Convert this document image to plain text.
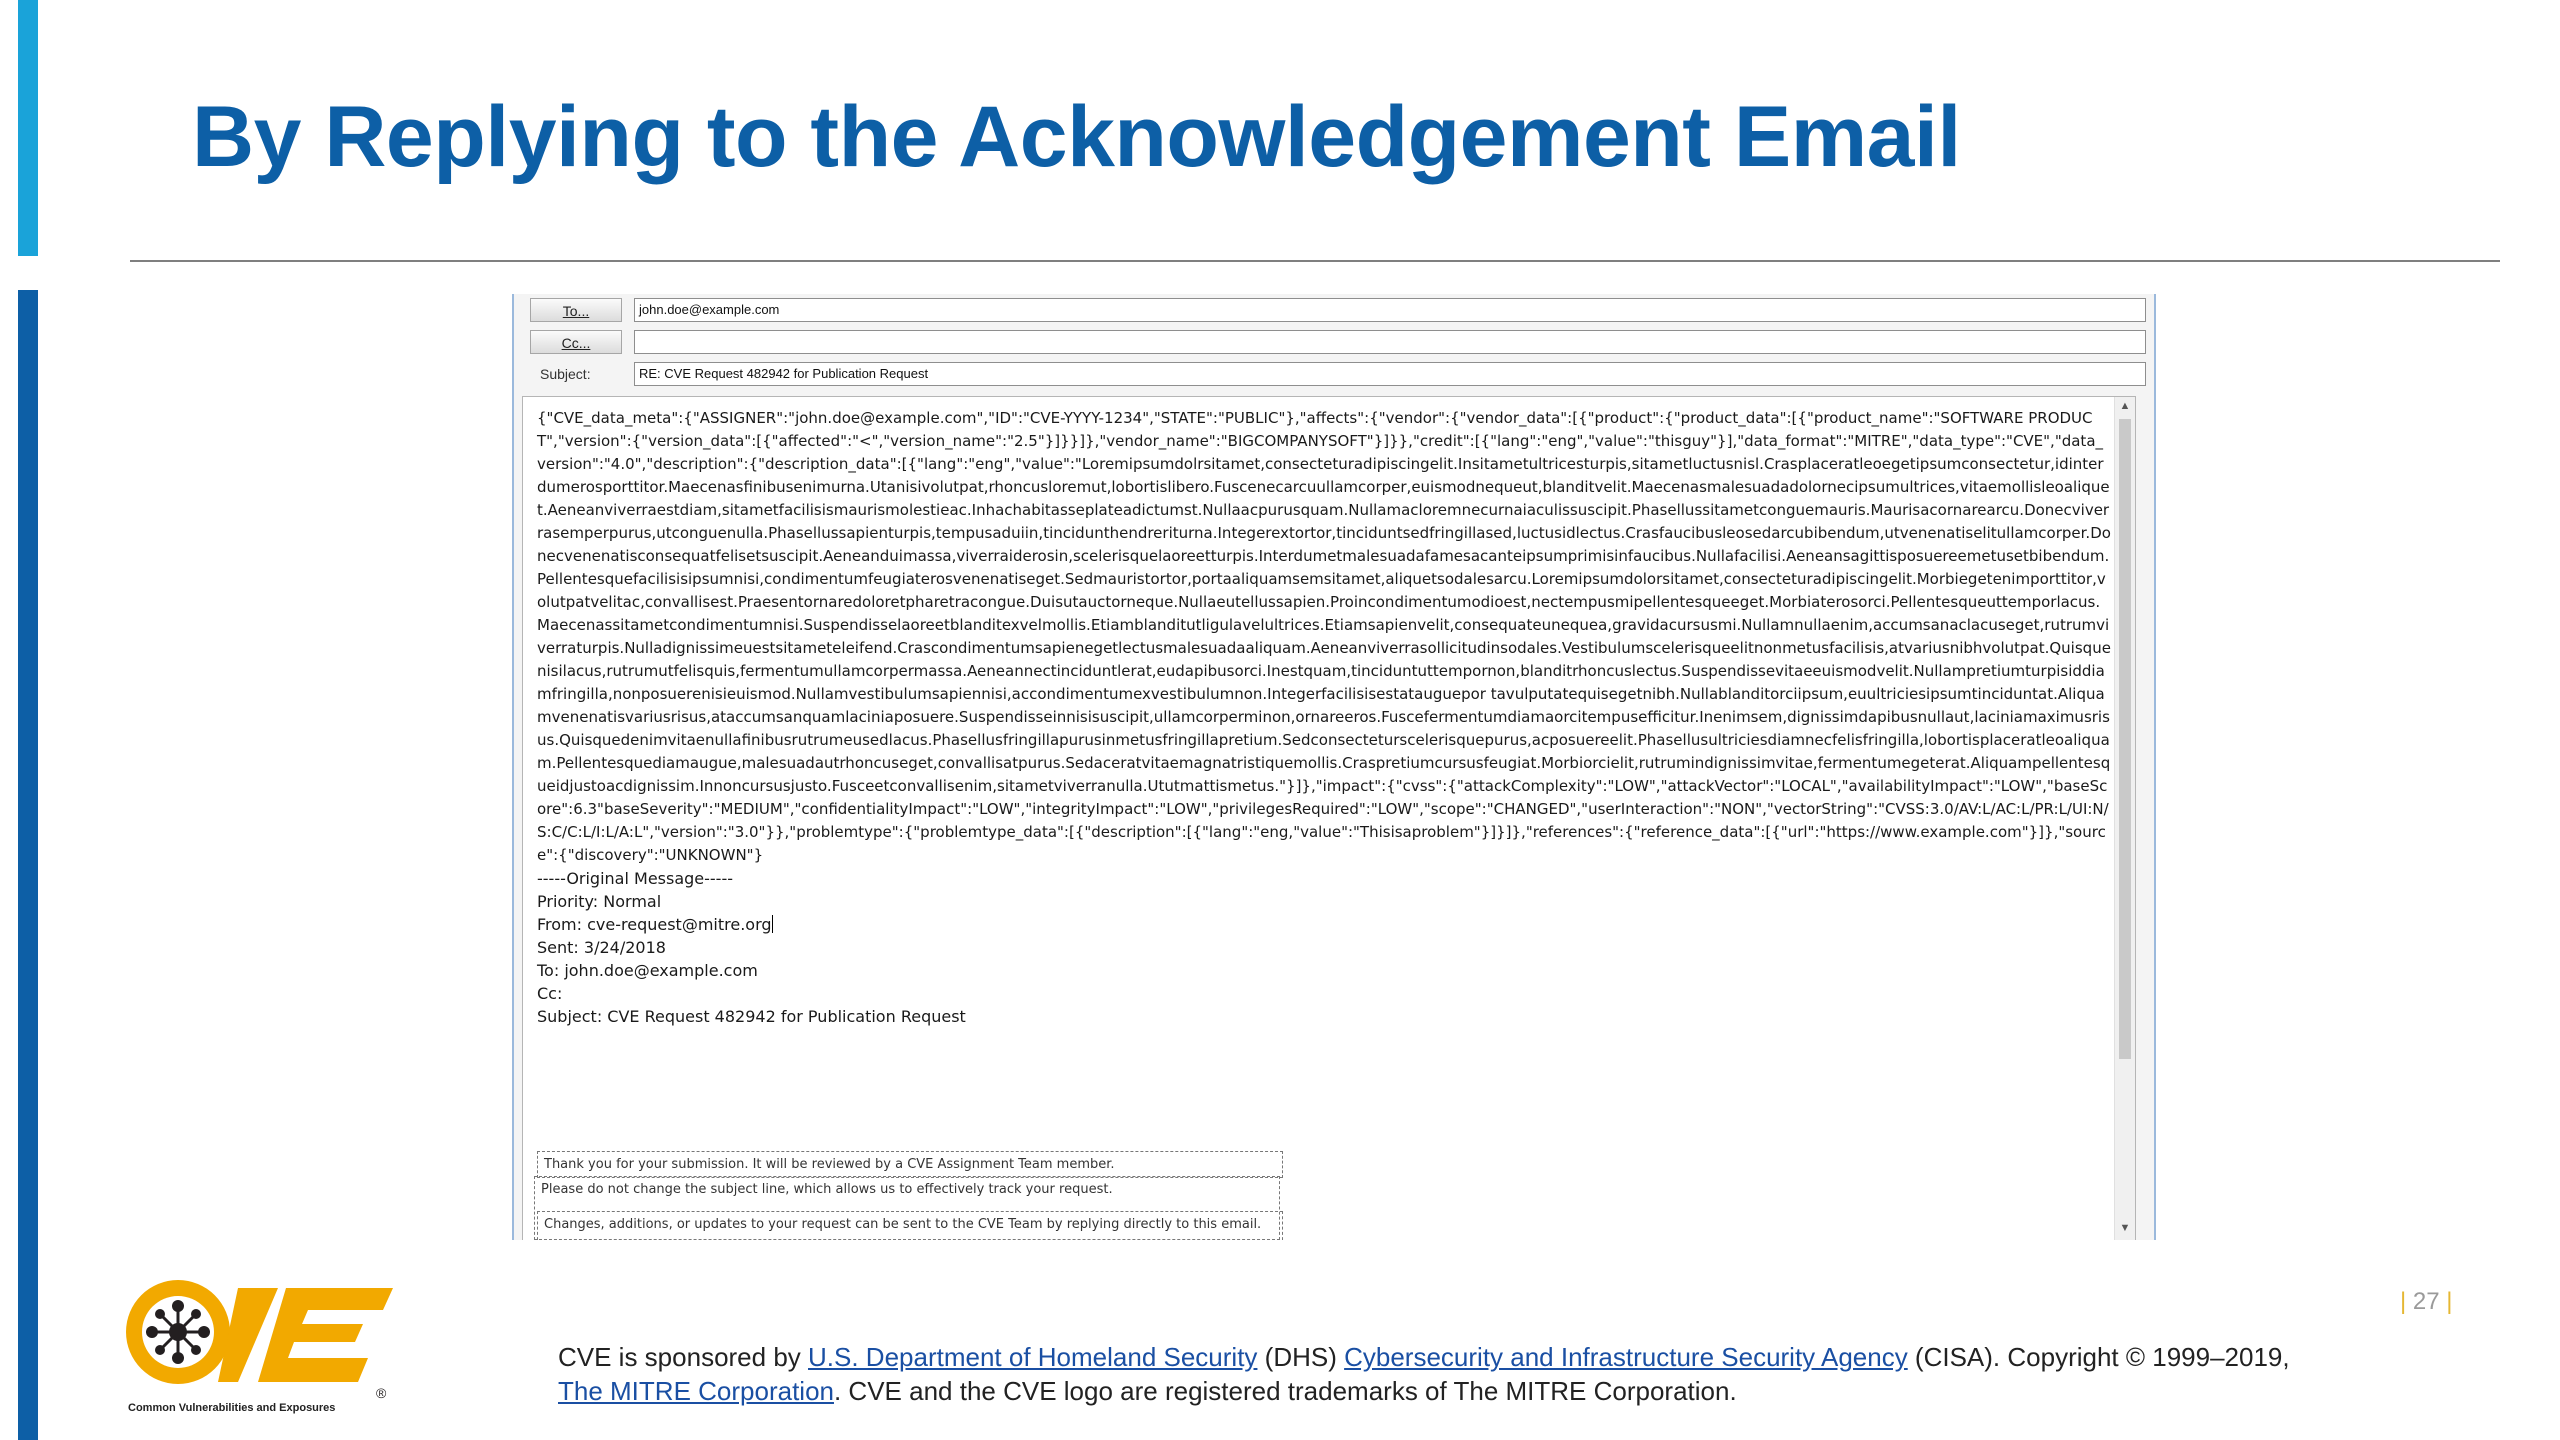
By Replying to the Acknowledgement Email
To...	john.doe@example.com
Cc...
Subject:	RE: CVE Request 482942 for Publication Request
{"CVE_data_meta":{"ASSIGNER":"john.doe@example.com","ID":"CVE-YYYY-1234","STATE":"PUBLIC"},"affects":{"vendor":{"vendor_data":[{"product":{"product_data":[{"product_name":"SOFTWARE PRODUCT","version":{"version_data":[{"affected":"<","version_name":"2.5"}]}}]},"vendor_name":"BIGCOMPANYSOFT"}]}},"credit":[{"lang":"eng","value":"thisguy"}],"data_format":"MITRE","data_type":"CVE","data_version":"4.0","description":{"description_data":[{"lang":"eng","value":"Loremipsumdolrsitamet,consecteturadipiscingelit.Insitametultricesturpis,sitametluctusnisl.Crasplaceratleoegetipsumconsectetur,idinterdumerosporttitor.Maecenasfinibusenimurna.Utanisivolutpat,rhoncusloremut,lobortislibero.Fuscenecarcuullamcorper,euismodnequeut,blanditvelit.Maecenasmalesuadadolornecipsumultrices,vitaemollisleoaliquet.Aeneanviverraestdiam,sitametfacilisismaurismolestieac.Inhachabitasseplateadictumst.Nullaacpurusquam.Nullamacloremnecurnaiaculissuscipit.Phasellussitametconguemauris.Maurisacornarearcu.Donecviverrasemperpurus,utconguenulla.Phasellussapienturpis,tempusaduiin,tincidunthendreriturna.Integerextortor,tinciduntsedfringillased,luctusidlectus.Crasfaucibusleosedarcubibendum,utvenenatiselitullamcorper.Donecvenenatisconsequatfelisetsuscipit.Aeneanduimassa,viverraiderosin,scelerisquelaoreetturpis.Interdumetmalesuadafamesacanteipsumprimisinfaucibus.Nullafacilisi.Aeneansagittisposuereemetusetbibendum.Pellentesquefacilisisipsumnisi,condimentumfeugiaterosvenenatiseget.Sedmauristortor,portaaliquamsemsitamet,aliquetsodalesarcu.Loremipsumdolorsitamet,consecteturadipiscingelit.Morbiegetenimporttitor,volutpatvelitac,convallisest.Praesentornaredoloretpharetracongue.Duisutauctorneque.Nullaeutellussapien.Proincondimentumodioest,nectempusmipellentesqueeget.Morbiaterosorci.Pellentesqueuttemporlacus.Maecenassitametcondimentumnisi.Suspendisselaoreetblanditexvelmollis.Etiamblanditutligulavelultrices.Etiamsapienvelit,consequateunequea,gravidacursusmi.Nullamnullaenim,accumsanaclacuseget,rutrumviverraturpis.Nulladignissimeuestsitameteleifend.Crascondimentumsapienegetlectusmalesuadaaliquam.Aeneanviverrasollicitudinsodales.Vestibulumscelerisqueelitnonmetusfacilisis,atvariusnibhvolutpat.Quisquenisilacus,rutrumutfelisquis,fermentumullamcorpermassa.Aeneannectinciduntlerat,eudapibusorci.Inestquam,tinciduntuttempornon,blanditrhoncuslectus.Suspendissevitaeeuismodvelit.Nullampretiumturpisiddiamfringilla,nonposuerenisieuismod.Nullamvestibulumsapiennisi,accondimentumexvestibulumnon.Integerfacilisisestatauguepor tavulputatequisegetnibh.Nullablanditorciipsum,euultriciesipsumtinciduntat.Aliquamvenenatisvariusrisus,ataccumsanquamlaciniaposuere.Suspendisseinnisisuscipit,ullamcorperminon,ornareeros.Fuscefermentumdiamaorcitempusefficitur.Inenimsem,dignissimdapibusnullaut,laciniamaximusrisus.Quisquedenimvitaenullafinibusrutrumeusedlacus.Phasellusfringillapurusinmetusfringillapretium.Sedconsecteturscelerisquepurus,acposuereelit.Phasellusultriciesdiamnecfelisfringilla,lobortisplaceratleoaliquam.Pellentesquediamaugue,malesuadautrhoncuseget,convallisatpurus.Sedaceratvitaemagnatristiquemollis.Craspretiumcursusfeugiat.Morbiorcielit,rutrumindignissimvitae,fermentumegeterat.Aliquampellentesqueidjustoacdignissim.Innoncursusjusto.Fusceetconvallisenim,sitametviverranulla.Ututmattismetus."}]},"impact":{"cvss":{"attackComplexity":"LOW","attackVector":"LOCAL","availabilityImpact":"LOW","baseScore":6.3"baseSeverity":"MEDIUM","confidentialityImpact":"LOW","integrityImpact":"LOW","privilegesRequired":"LOW","scope":"CHANGED","userInteraction":"NON","vectorString":"CVSS:3.0/AV:L/AC:L/PR:L/UI:N/S:C/C:L/I:L/A:L","version":"3.0"}},"problemtype":{"problemtype_data":[{"description":[{"lang":"eng,"value":"Thisisaproblem"}]}]},"references":{"reference_data":[{"url":"https://www.example.com"}]},"source":{"discovery":"UNKNOWN"}
-----Original Message-----
Priority: Normal
From: cve-request@mitre.org
Sent: 3/24/2018
To: john.doe@example.com
Cc:
Subject: CVE Request 482942 for Publication Request
Thank you for your submission. It will be reviewed by a CVE Assignment Team member.
Changes, additions, or updates to your request can be sent to the CVE Team by replying directly to this email.
▲
▼
Please do not change the subject line, which allows us to effectively track your request.
®
Common Vulnerabilities and Exposures
| 27 |
CVE is sponsored by U.S. Department of Homeland Security (DHS) Cybersecurity and Infrastructure Security Agency (CISA). Copyright © 1999–2019,
The MITRE Corporation. CVE and the CVE logo are registered trademarks of The MITRE Corporation.
